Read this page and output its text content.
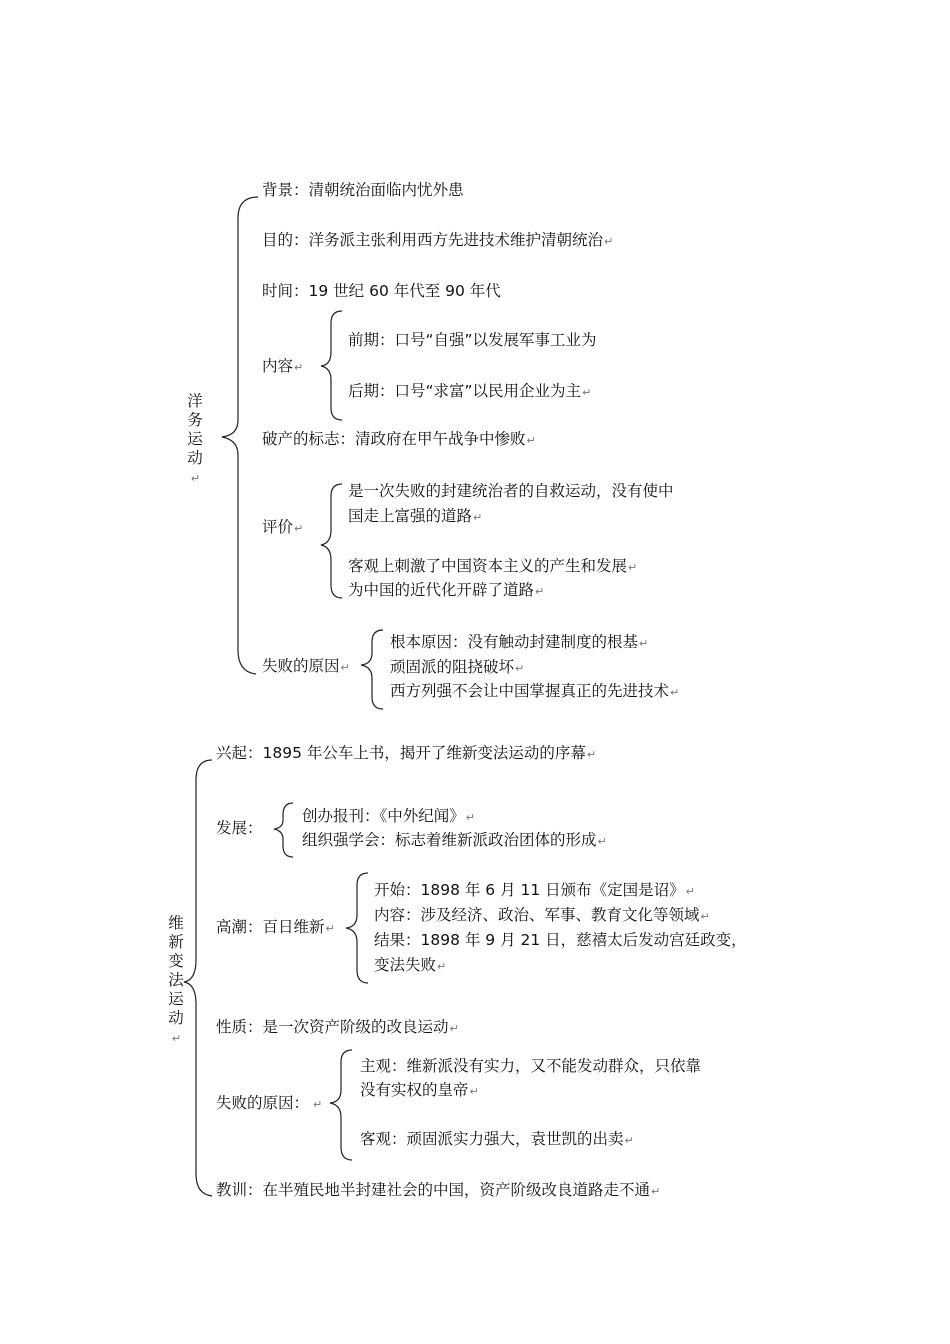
洋务运动↵
背景：清朝统治面临内忧外患
目的：洋务派主张利用西方先进技术维护清朝统治↵
时间：19 世纪 60 年代至 90 年代
内容↵
前期：口号“自强”以发展军事工业为
后期：口号“求富”以民用企业为主↵
破产的标志：清政府在甲午战争中惨败↵
评价↵
是一次失败的封建统治者的自救运动，没有使中
国走上富强的道路↵
客观上刺激了中国资本主义的产生和发展↵
为中国的近代化开辟了道路↵
失败的原因↵
根本原因：没有触动封建制度的根基↵
顽固派的阻挠破坏↵
西方列强不会让中国掌握真正的先进技术↵
维新变法运动↵
兴起：1895 年公车上书，揭开了维新变法运动的序幕↵
发展：
创办报刊：《中外纪闻》↵
组织强学会：标志着维新派政治团体的形成↵
高潮：百日维新↵
开始：1898 年 6 月 11 日颁布《定国是诏》↵
内容：涉及经济、政治、军事、教育文化等领域↵
结果：1898 年 9 月 21 日，慈禧太后发动宫廷政变，
变法失败↵
性质：是一次资产阶级的改良运动↵
失败的原因： ↵
主观：维新派没有实力，又不能发动群众，只依靠
没有实权的皇帝↵
客观：顽固派实力强大，袁世凯的出卖↵
教训：在半殖民地半封建社会的中国，资产阶级改良道路走不通↵
